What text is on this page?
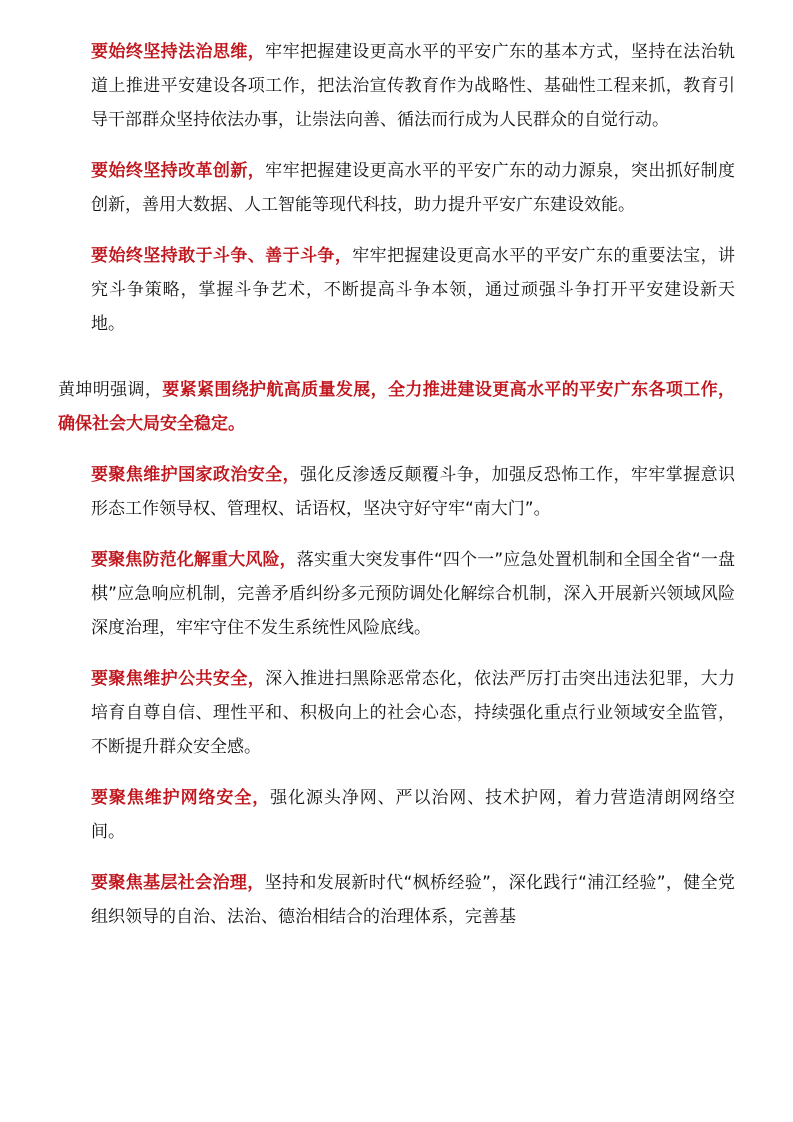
要始终坚持法治思维，牢牢把握建设更高水平的平安广东的基本方式，坚持在法治轨道上推进平安建设各项工作，把法治宣传教育作为战略性、基础性工程来抓，教育引导干部群众坚持依法办事，让崇法向善、循法而行成为人民群众的自觉行动。

要始终坚持改革创新，牢牢把握建设更高水平的平安广东的动力源泉，突出抓好制度创新，善用大数据、人工智能等现代科技，助力提升平安广东建设效能。

要始终坚持敢于斗争、善于斗争，牢牢把握建设更高水平的平安广东的重要法宝，讲究斗争策略，掌握斗争艺术，不断提高斗争本领，通过顽强斗争打开平安建设新天地。

黄坤明强调，要紧紧围绕护航高质量发展，全力推进建设更高水平的平安广东各项工作，确保社会大局安全稳定。

要聚焦维护国家政治安全，强化反渗透反颠覆斗争，加强反恐怖工作，牢牢掌握意识形态工作领导权、管理权、话语权，坚决守好守牢“南大门”。

要聚焦防范化解重大风险，落实重大突发事件“四个一”应急处置机制和全国全省“一盘棋”应急响应机制，完善矛盾纠纷多元预防调处化解综合机制，深入开展新兴领域风险深度治理，牢牢守住不发生系统性风险底线。

要聚焦维护公共安全，深入推进扫黑除恶常态化，依法严厉打击突出违法犯罪，大力培育自尊自信、理性平和、积极向上的社会心态，持续强化重点行业领域安全监管，不断提升群众安全感。

要聚焦维护网络安全，强化源头净网、严以治网、技术护网，着力营造清朗网络空间。

要聚焦基层社会治理，坚持和发展新时代“枫桥经验”，深化践行“浦江经验”，健全党组织领导的自治、法治、德治相结合的治理体系，完善基
